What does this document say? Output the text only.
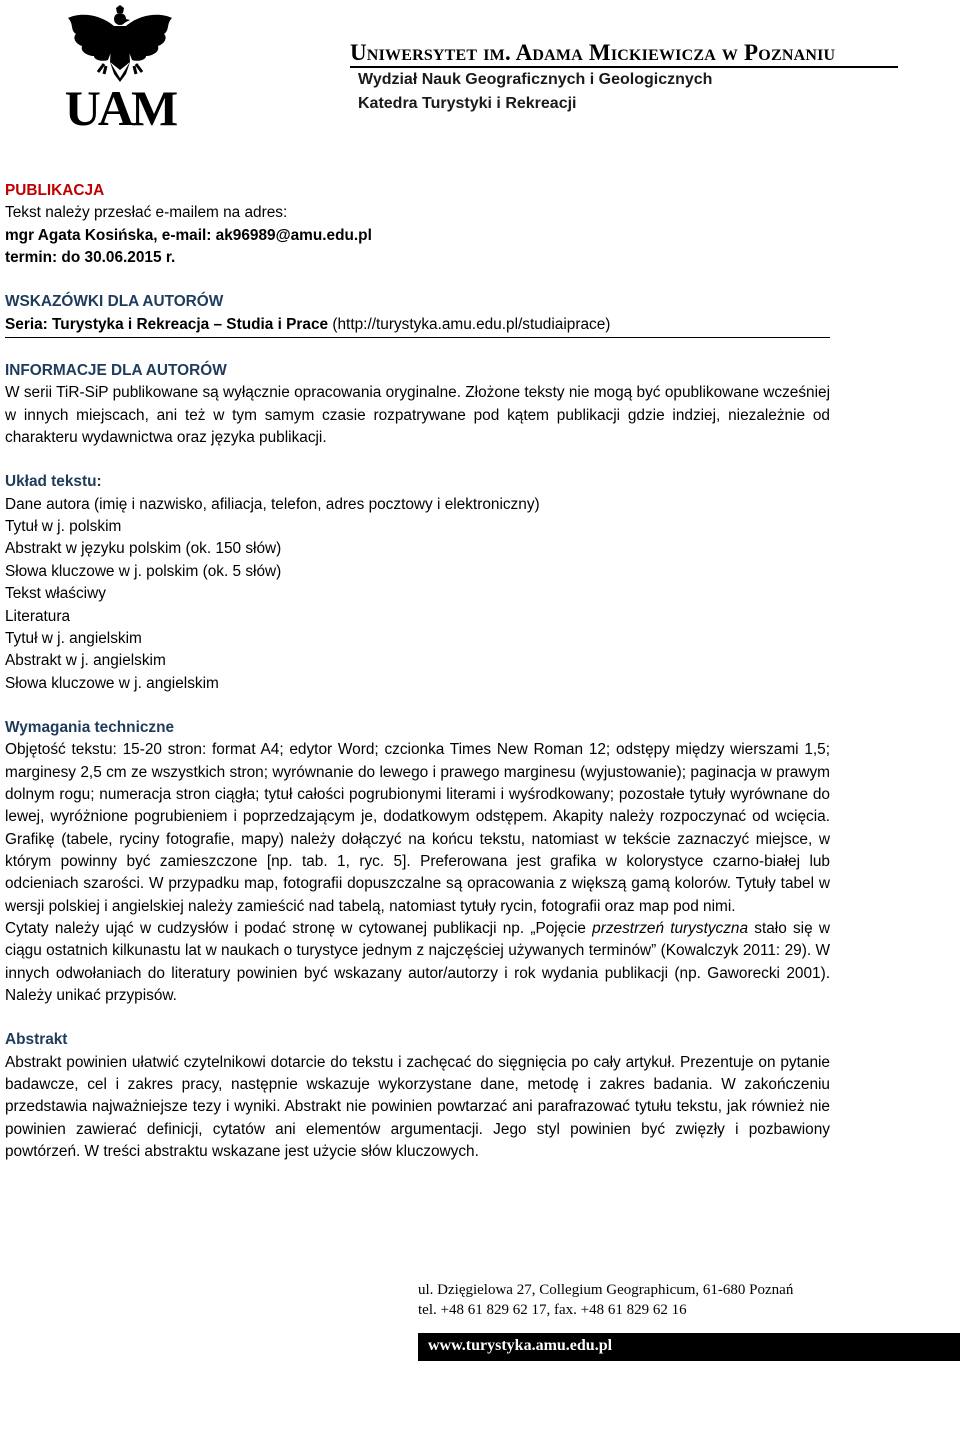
UAM
Uniwersytet im. Adama Mickiewicza w Poznaniu
Wydział Nauk Geograficznych i Geologicznych
Katedra Turystyki i Rekreacji

PUBLIKACJA

Tekst należy przesłać e-mailem na adres:

mgr Agata Kosińska, e-mail: ak96989@amu.edu.pl

termin: do 30.06.2015 r.

WSKAZÓWKI DLA AUTORÓW

Seria: Turystyka i Rekreacja – Studia i Prace (http://turystyka.amu.edu.pl/studiaiprace)

INFORMACJE DLA AUTORÓW

W serii TiR-SiP publikowane są wyłącznie opracowania oryginalne. Złożone teksty nie mogą być opublikowane wcześniej w innych miejscach, ani też w tym samym czasie rozpatrywane pod kątem publikacji gdzie indziej, niezależnie od charakteru wydawnictwa oraz języka publikacji.

Układ tekstu:

Dane autora (imię i nazwisko, afiliacja, telefon, adres pocztowy i elektroniczny)

Tytuł w j. polskim

Abstrakt w języku polskim (ok. 150 słów)

Słowa kluczowe w j. polskim (ok. 5 słów)

Tekst właściwy

Literatura

Tytuł w j. angielskim

Abstrakt w j. angielskim

Słowa kluczowe w j. angielskim

Wymagania techniczne

Objętość tekstu: 15-20 stron: format A4; edytor Word; czcionka Times New Roman 12; odstępy między wierszami 1,5; marginesy 2,5 cm ze wszystkich stron; wyrównanie do lewego i prawego marginesu (wyjustowanie); paginacja w prawym dolnym rogu; numeracja stron ciągła; tytuł całości pogrubionymi literami i wyśrodkowany; pozostałe tytuły wyrównane do lewej, wyróżnione pogrubieniem i poprzedzającym je, dodatkowym odstępem. Akapity należy rozpoczynać od wcięcia. Grafikę (tabele, ryciny fotografie, mapy) należy dołączyć na końcu tekstu, natomiast w tekście zaznaczyć miejsce, w którym powinny być zamieszczone [np. tab. 1, ryc. 5]. Preferowana jest grafika w kolorystyce czarno-białej lub odcieniach szarości. W przypadku map, fotografii dopuszczalne są opracowania z większą gamą kolorów. Tytuły tabel w wersji polskiej i angielskiej należy zamieścić nad tabelą, natomiast tytuły rycin, fotografii oraz map pod nimi.

Cytaty należy ująć w cudzysłów i podać stronę w cytowanej publikacji np. „Pojęcie przestrzeń turystyczna stało się w ciągu ostatnich kilkunastu lat w naukach o turystyce jednym z najczęściej używanych terminów” (Kowalczyk 2011: 29). W innych odwołaniach do literatury powinien być wskazany autor/autorzy i rok wydania publikacji (np. Gaworecki 2001). Należy unikać przypisów.

Abstrakt

Abstrakt powinien ułatwić czytelnikowi dotarcie do tekstu i zachęcać do sięgnięcia po cały artykuł. Prezentuje on pytanie badawcze, cel i zakres pracy, następnie wskazuje wykorzystane dane, metodę i zakres badania. W zakończeniu przedstawia najważniejsze tezy i wyniki. Abstrakt nie powinien powtarzać ani parafrazować tytułu tekstu, jak również nie powinien zawierać definicji, cytatów ani elementów argumentacji. Jego styl powinien być zwięzły i pozbawiony powtórzeń. W treści abstraktu wskazane jest użycie słów kluczowych.

ul. Dzięgielowa 27, Collegium Geographicum, 61-680 Poznań
tel. +48 61 829 62 17, fax. +48 61 829 62 16
www.turystyka.amu.edu.pl
